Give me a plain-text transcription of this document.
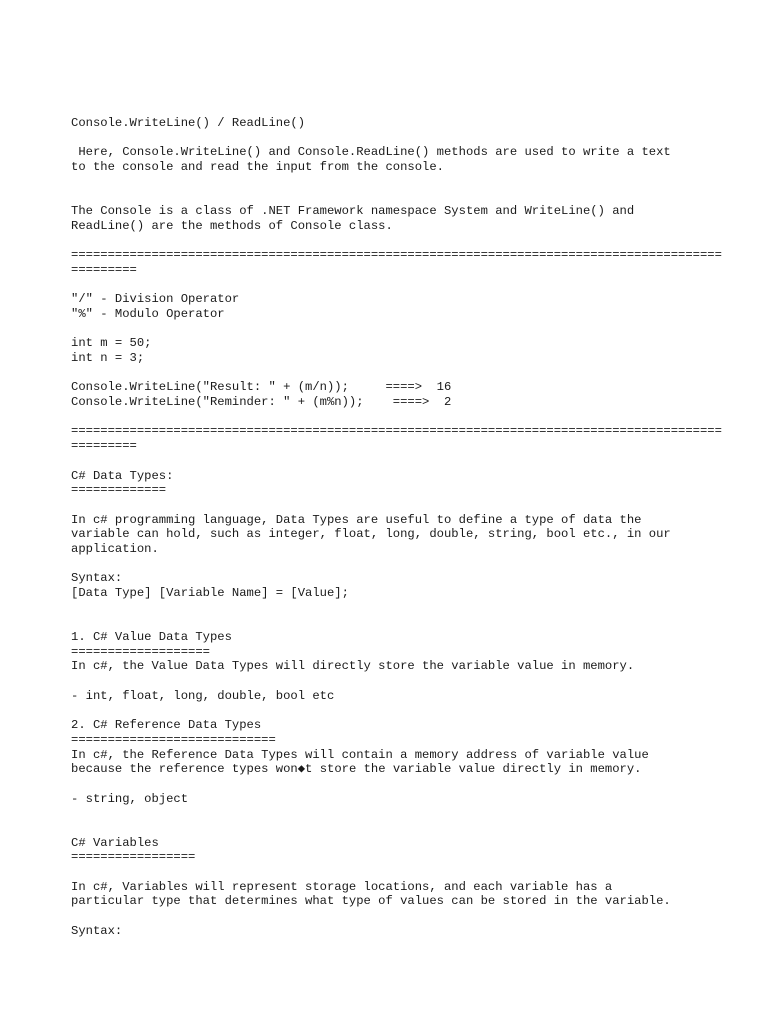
Console.WriteLine() / ReadLine()
Here, Console.WriteLine() and Console.ReadLine() methods are used to write a text
to the console and read the input from the console.
The Console is a class of .NET Framework namespace System and WriteLine() and
ReadLine() are the methods of Console class.
=========================================================================================
=========
"/" - Division Operator
"%" - Modulo Operator
int m = 50;
int n = 3;
Console.WriteLine("Result: " + (m/n));     ====>  16
Console.WriteLine("Reminder: " + (m%n));    ====>  2
=========================================================================================
=========
C# Data Types:
=============
In c# programming language, Data Types are useful to define a type of data the
variable can hold, such as integer, float, long, double, string, bool etc., in our
application.
Syntax:
[Data Type] [Variable Name] = [Value];
1. C# Value Data Types
===================
In c#, the Value Data Types will directly store the variable value in memory.
- int, float, long, double, bool etc
2. C# Reference Data Types
============================
In c#, the Reference Data Types will contain a memory address of variable value
because the reference types won◆t store the variable value directly in memory.
- string, object
C# Variables
=================
In c#, Variables will represent storage locations, and each variable has a
particular type that determines what type of values can be stored in the variable.
Syntax:
